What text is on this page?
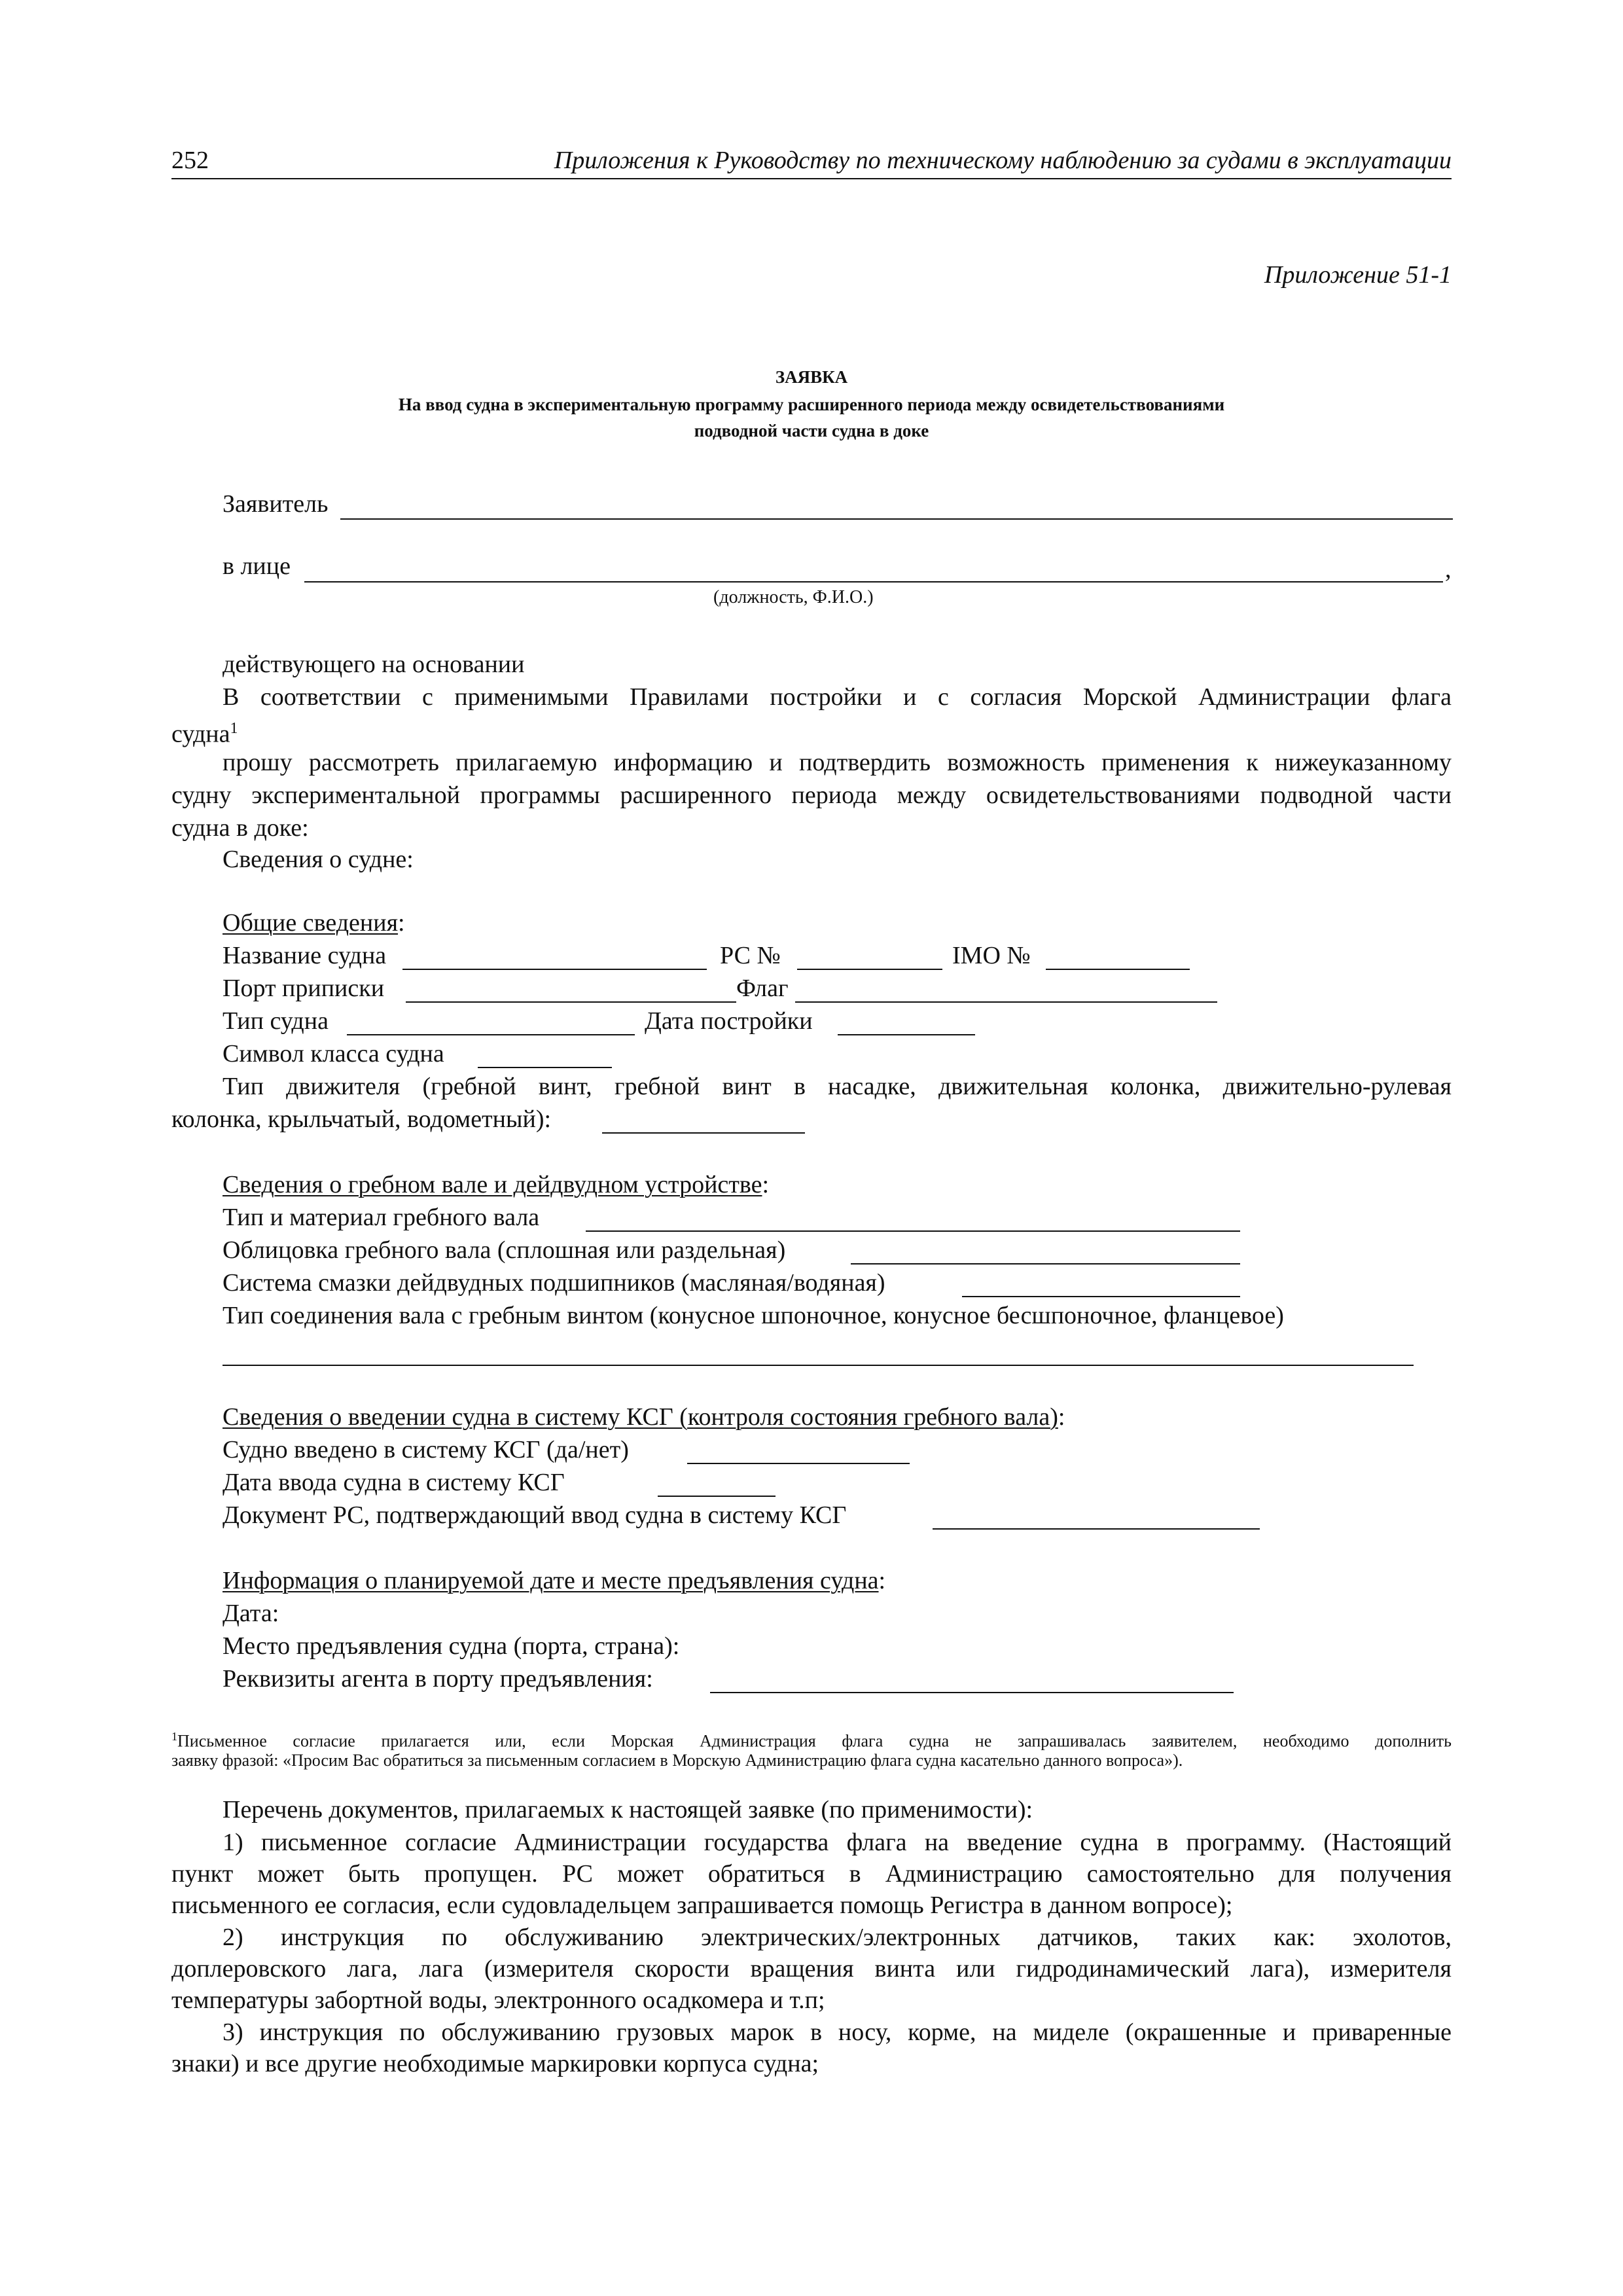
252	Приложения к Руководству по техническому наблюдению за судами в эксплуатации
Приложение 51-1
ЗАЯВКА
На ввод судна в экспериментальную программу расширенного периода между освидетельствованиями
подводной части судна в доке
Заявитель
в лице	,
(должность, Ф.И.О.)
действующего на основании
В соответствии с применимыми Правилами постройки и с согласия Морской Администрации флага
судна$^1$
прошу рассмотреть прилагаемую информацию и подтвердить возможность применения к нижеуказанному
судну экспериментальной программы расширенного периода между освидетельствованиями подводной части
судна в доке:
Сведения о судне:
Общие сведения:
Название судна	РС №	IMO №
Порт приписки	Флаг
Тип судна	Дата постройки
Символ класса судна
Тип движителя (гребной винт, гребной винт в насадке, движительная колонка, движительно-рулевая
колонка, крыльчатый, водометный):
Сведения о гребном вале и дейдвудном устройстве:
Тип и материал гребного вала
Облицовка гребного вала (сплошная или раздельная)
Система смазки дейдвудных подшипников (масляная/водяная)
Тип соединения вала с гребным винтом (конусное шпоночное, конусное бесшпоночное, фланцевое)
Сведения о введении судна в систему КСГ (контроля состояния гребного вала):
Судно введено в систему КСГ (да/нет)
Дата ввода судна в систему КСГ
Документ РС, подтверждающий ввод судна в систему КСГ
Информация о планируемой дате и месте предъявления судна:
Дата:
Место предъявления судна (порта, страна):
Реквизиты агента в порту предъявления:
$^1$Письменное согласие прилагается или, если Морская Администрация флага судна не запрашивалась заявителем, необходимо дополнить
заявку фразой: «Просим Вас обратиться за письменным согласием в Морскую Администрацию флага судна касательно данного вопроса»).
Перечень документов, прилагаемых к настоящей заявке (по применимости):
1) письменное согласие Администрации государства флага на введение судна в программу. (Настоящий
пункт может быть пропущен. РС может обратиться в Администрацию самостоятельно для получения
письменного ее согласия, если судовладельцем запрашивается помощь Регистра в данном вопросе);
2) инструкция по обслуживанию электрических/электронных датчиков, таких как: эхолотов,
доплеровского лага, лага (измерителя скорости вращения винта или гидродинамический лага), измерителя
температуры забортной воды, электронного осадкомера и т.п;
3) инструкция по обслуживанию грузовых марок в носу, корме, на миделе (окрашенные и приваренные
знаки) и все другие необходимые маркировки корпуса судна;
